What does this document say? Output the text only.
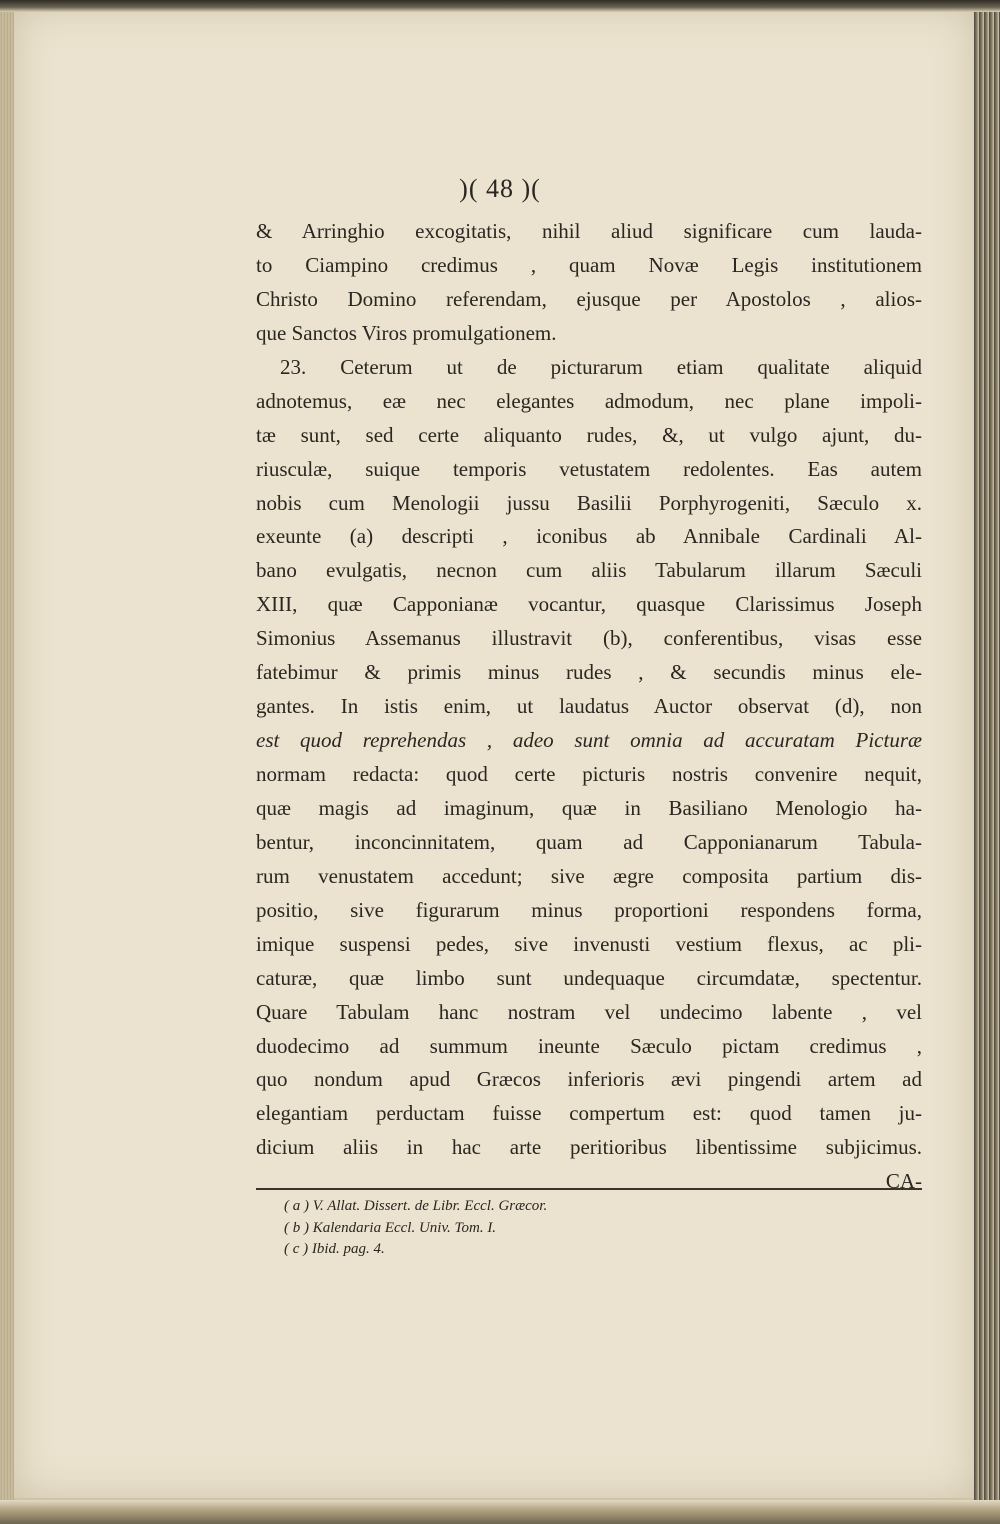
)( 48 )(
& Arringhio excogitatis, nihil aliud significare cum lauda-
to Ciampino credimus , quam Novæ Legis institutionem
Christo Domino referendam, ejusque per Apostolos , alios-
que Sanctos Viros promulgationem.
23. Ceterum ut de picturarum etiam qualitate aliquid
adnotemus, eæ nec elegantes admodum, nec plane impoli-
tæ sunt, sed certe aliquanto rudes, &, ut vulgo ajunt, du-
riusculæ, suique temporis vetustatem redolentes. Eas autem
nobis cum Menologii jussu Basilii Porphyrogeniti, Sæculo x.
exeunte (a) descripti , iconibus ab Annibale Cardinali Al-
bano evulgatis, necnon cum aliis Tabularum illarum Sæculi
XIII, quæ Capponianæ vocantur, quasque Clarissimus Joseph
Simonius Assemanus illustravit (b), conferentibus, visas esse
fatebimur & primis minus rudes , & secundis minus ele-
gantes. In istis enim, ut laudatus Auctor observat (d), non
est quod reprehendas , adeo sunt omnia ad accuratam Picturæ
normam redacta: quod certe picturis nostris convenire nequit,
quæ magis ad imaginum, quæ in Basiliano Menologio ha-
bentur, inconcinnitatem, quam ad Capponianarum Tabula-
rum venustatem accedunt; sive ægre composita partium dis-
positio, sive figurarum minus proportioni respondens forma,
imique suspensi pedes, sive invenusti vestium flexus, ac pli-
caturæ, quæ limbo sunt undequaque circumdatæ, spectentur.
Quare Tabulam hanc nostram vel undecimo labente , vel
duodecimo ad summum ineunte Sæculo pictam credimus ,
quo nondum apud Græcos inferioris ævi pingendi artem ad
elegantiam perductam fuisse compertum est: quod tamen ju-
dicium aliis in hac arte peritioribus libentissime subjicimus.
CA-
( a ) V. Allat. Dissert. de Libr. Eccl. Græcor.
( b ) Kalendaria Eccl. Univ. Tom. I.
( c ) Ibid. pag. 4.
